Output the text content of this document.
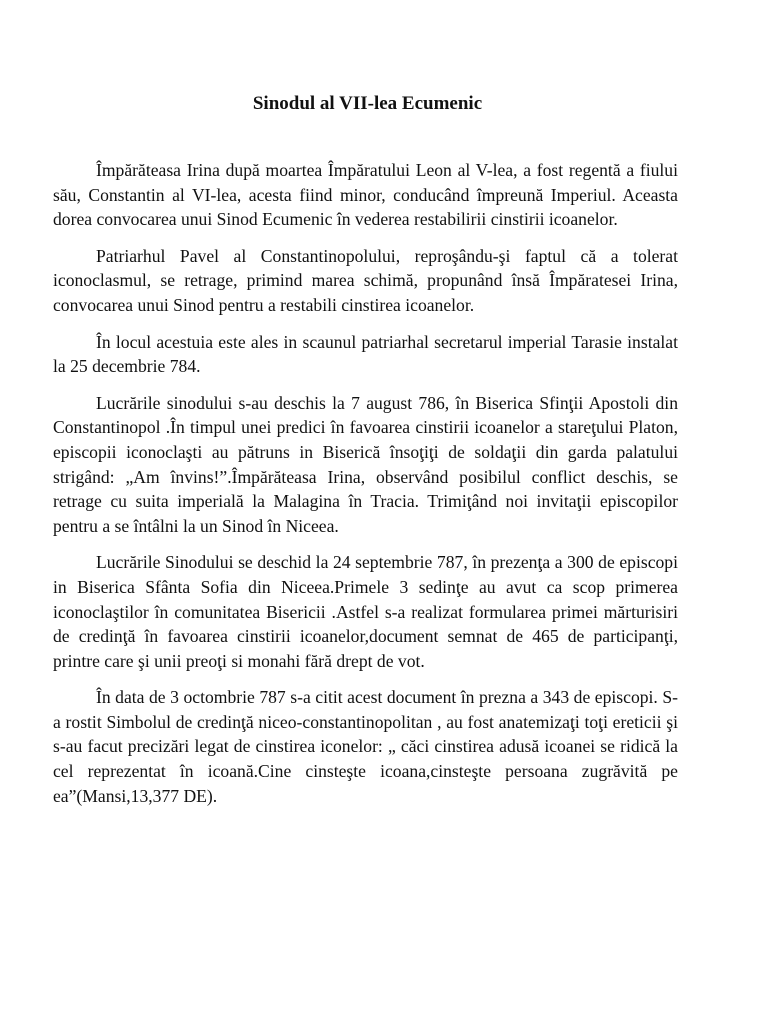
Sinodul al VII-lea Ecumenic

Împărăteasa Irina după moartea Împăratului Leon al V-lea, a fost regentă a fiului său, Constantin al VI-lea, acesta fiind minor, conducând împreună Imperiul. Aceasta dorea convocarea unui Sinod Ecumenic în vederea restabilirii cinstirii icoanelor.

Patriarhul Pavel al Constantinopolului, reproşându-şi faptul că a tolerat iconoclasmul, se retrage, primind marea schimă, propunând însă Împăratesei Irina, convocarea unui Sinod pentru a restabili cinstirea icoanelor.

În locul acestuia este ales in scaunul patriarhal secretarul imperial Tarasie instalat la 25 decembrie 784.

Lucrările sinodului s-au deschis la 7 august 786, în Biserica Sfinţii Apostoli din Constantinopol .În timpul unei predici în favoarea cinstirii icoanelor a stareţului Platon, episcopii iconoclaşti au pătruns in Biserică însoţiţi de soldaţii din garda palatului strigând: „Am învins!”.Împărăteasa Irina, observând posibilul conflict deschis, se retrage cu suita imperială la Malagina în Tracia. Trimiţând noi invitaţii episcopilor pentru a se întâlni la un Sinod în Niceea.

Lucrările Sinodului se deschid la 24 septembrie 787, în prezenţa a 300 de episcopi in Biserica Sfânta Sofia din Niceea.Primele 3 sedinţe au avut ca scop primerea iconoclaştilor în comunitatea Bisericii .Astfel s-a realizat formularea primei mărturisiri de credinţă în favoarea cinstirii icoanelor,document semnat de 465 de participanţi, printre care şi unii preoţi si monahi fără drept de vot.

În data de 3 octombrie 787 s-a citit acest document în prezna a 343 de episcopi. S-a rostit Simbolul de credinţă niceo-constantinopolitan , au fost anatemizaţi toţi ereticii şi s-au facut precizări legat de cinstirea iconelor: „ căci cinstirea adusă icoanei se ridică la cel reprezentat în icoană.Cine cinsteşte icoana,cinsteşte persoana zugrăvită pe ea”(Mansi,13,377 DE).
